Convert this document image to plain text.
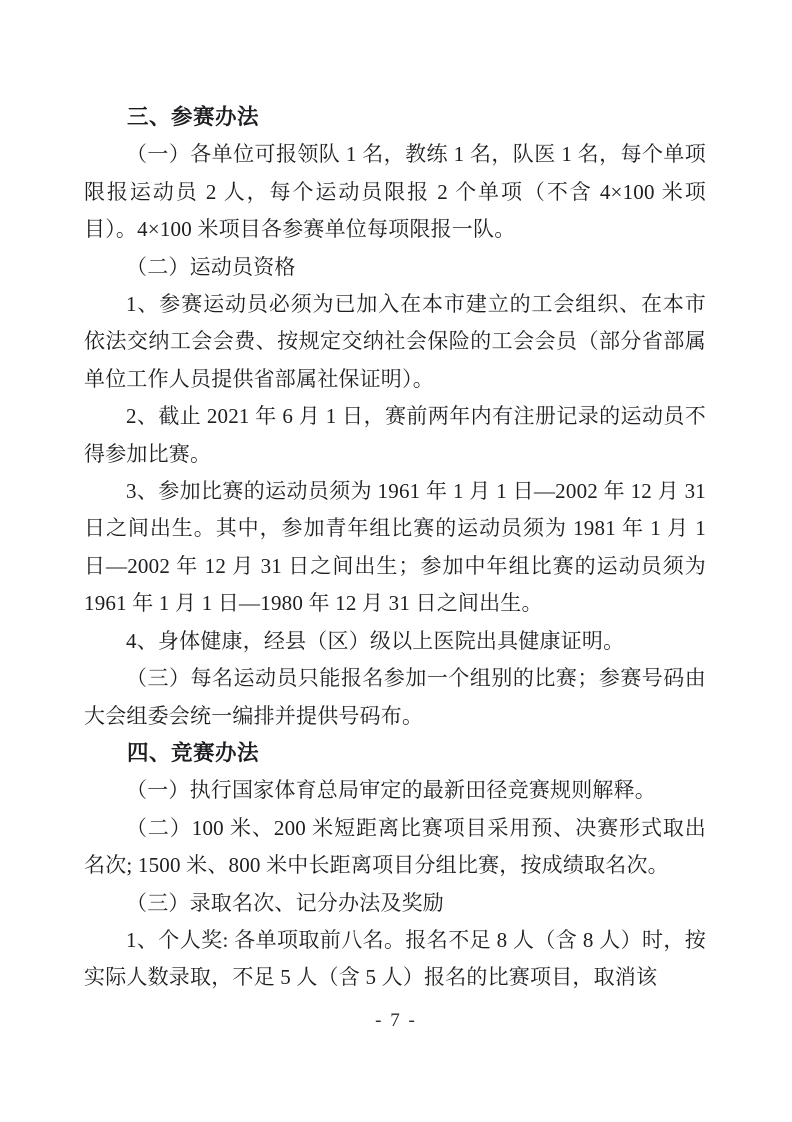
三、参赛办法

（一）各单位可报领队 1 名，教练 1 名，队医 1 名，每个单项限报运动员 2 人，每个运动员限报 2 个单项（不含 4×100 米项目）。4×100 米项目各参赛单位每项限报一队。

（二）运动员资格

1、参赛运动员必须为已加入在本市建立的工会组织、在本市依法交纳工会会费、按规定交纳社会保险的工会会员（部分省部属单位工作人员提供省部属社保证明）。

2、截止 2021 年 6 月 1 日，赛前两年内有注册记录的运动员不得参加比赛。

3、参加比赛的运动员须为 1961 年 1 月 1 日—2002 年 12 月 31 日之间出生。其中，参加青年组比赛的运动员须为 1981 年 1 月 1 日—2002 年 12 月 31 日之间出生；参加中年组比赛的运动员须为 1961 年 1 月 1 日—1980 年 12 月 31 日之间出生。

4、身体健康，经县（区）级以上医院出具健康证明。

（三）每名运动员只能报名参加一个组别的比赛；参赛号码由大会组委会统一编排并提供号码布。

四、竞赛办法

（一）执行国家体育总局审定的最新田径竞赛规则解释。

（二）100 米、200 米短距离比赛项目采用预、决赛形式取出名次; 1500 米、800 米中长距离项目分组比赛，按成绩取名次。

（三）录取名次、记分办法及奖励

1、个人奖: 各单项取前八名。报名不足 8 人（含 8 人）时，按实际人数录取，不足 5 人（含 5 人）报名的比赛项目，取消该

- 7 -
